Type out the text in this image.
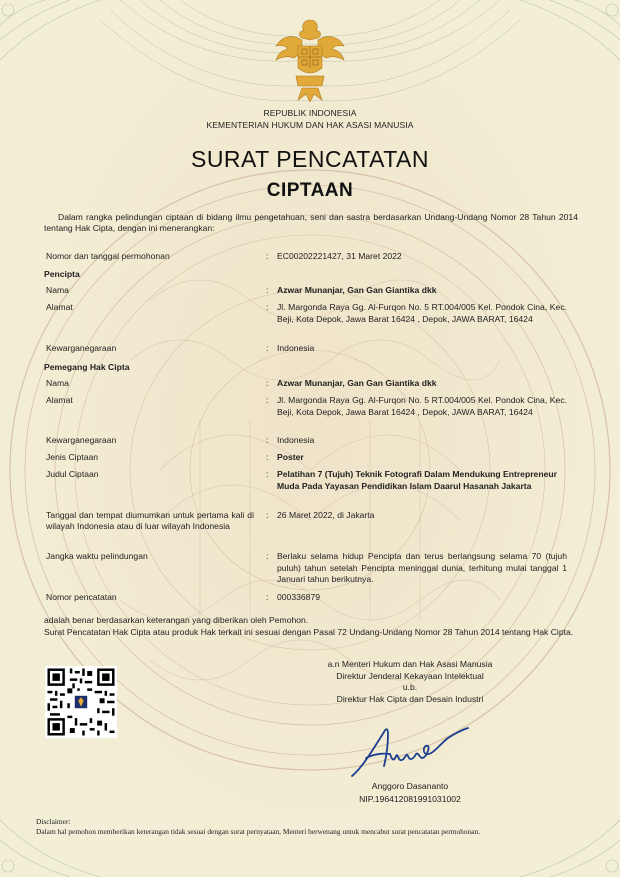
REPUBLIK INDONESIA
KEMENTERIAN HUKUM DAN HAK ASASI MANUSIA
SURAT PENCATATAN
CIPTAAN
Dalam rangka pelindungan ciptaan di bidang ilmu pengetahuan, seni dan sastra berdasarkan Undang-Undang Nomor 28 Tahun 2014 tentang Hak Cipta, dengan ini menerangkan:
Nomor dan tanggal permohonan	: EC00202221427, 31 Maret 2022
Pencipta
Nama	: Azwar Munanjar, Gan Gan Giantika dkk
Alamat	: Jl. Margonda Raya Gg. Al-Furqon No. 5 RT.004/005 Kel. Pondok Cina, Kec. Beji, Kota Depok, Jawa Barat 16424 , Depok, JAWA BARAT, 16424
Kewarganegaraan	: Indonesia
Pemegang Hak Cipta
Nama	: Azwar Munanjar, Gan Gan Giantika dkk
Alamat	: Jl. Margonda Raya Gg. Al-Furqon No. 5 RT.004/005 Kel. Pondok Cina, Kec. Beji, Kota Depok, Jawa Barat 16424 , Depok, JAWA BARAT, 16424
Kewarganegaraan	: Indonesia
Jenis Ciptaan	: Poster
Judul Ciptaan	: Pelatihan 7 (Tujuh) Teknik Fotografi Dalam Mendukung Entrepreneur Muda Pada Yayasan Pendidikan Islam Daarul Hasanah Jakarta
Tanggal dan tempat diumumkan untuk pertama kali di wilayah Indonesia atau di luar wilayah Indonesia
: 26 Maret 2022, di Jakarta
Jangka waktu pelindungan	: Berlaku selama hidup Pencipta dan terus berlangsung selama 70 (tujuh puluh) tahun setelah Pencipta meninggal dunia, terhitung mulai tanggal 1 Januari tahun berikutnya.
Nomor pencatatan	: 000336879
adalah benar berdasarkan keterangan yang diberikan oleh Pemohon.
Surat Pencatatan Hak Cipta atau produk Hak terkait ini sesuai dengan Pasal 72 Undang-Undang Nomor 28 Tahun 2014 tentang Hak Cipta.
a.n Menteri Hukum dan Hak Asasi Manusia
Direktur Jenderal Kekayaan Intelektual
u.b.
Direktur Hak Cipta dan Desain Industri
Anggoro Dasananto
NIP.196412081991031002
Disclaimer:
Dalam hal pemohon memberikan keterangan tidak sesuai dengan surat pernyataan, Menteri berwenang untuk mencabut surat pencatatan permohonan.
